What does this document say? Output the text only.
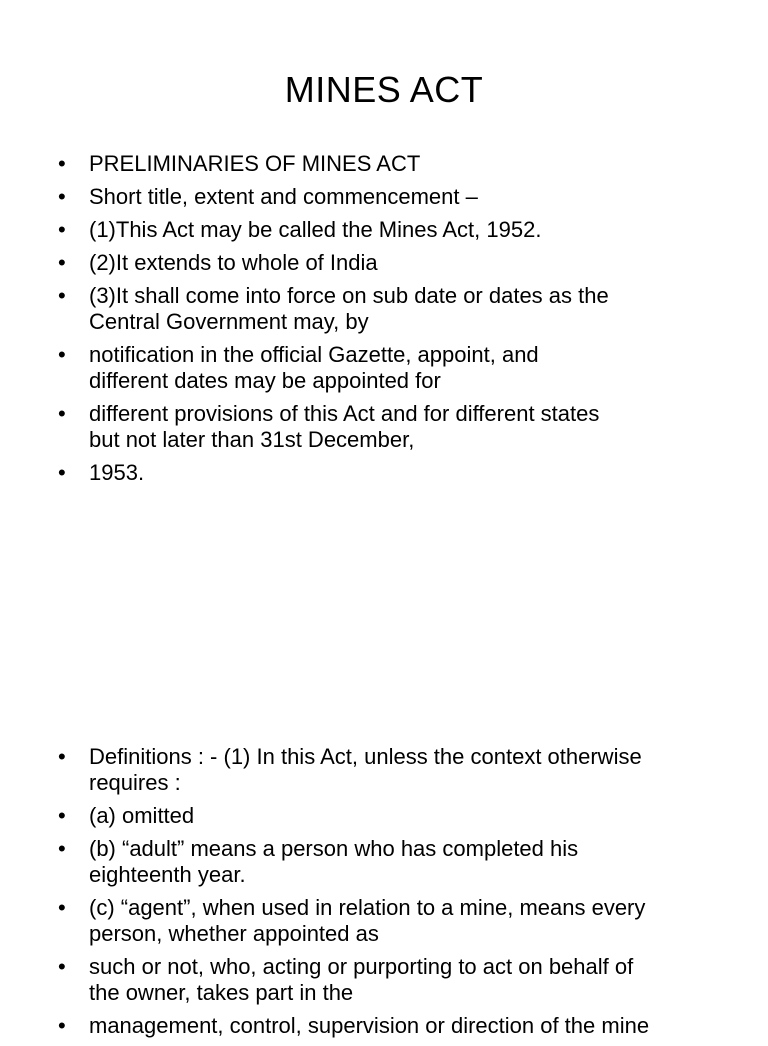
MINES ACT
•	PRELIMINARIES OF MINES ACT
•	Short title, extent and commencement –
•	(1)This Act may be called the Mines Act, 1952.
•	(2)It extends to whole of India
•	(3)It shall come into force on sub date or dates as the
Central Government may, by
•	notification in the official Gazette, appoint, and
different dates may be appointed for
•	different provisions of this Act and for different states
but not later than 31st December,
•	1953.
•	Definitions : - (1) In this Act, unless the context otherwise
requires :
•	(a) omitted
•	(b) “adult” means a person who has completed his
eighteenth year.
•	(c) “agent”, when used in relation to a mine, means every
person, whether appointed as
•	such or not, who, acting or purporting to act on behalf of
the owner, takes part in the
•	management, control, supervision or direction of the mine
